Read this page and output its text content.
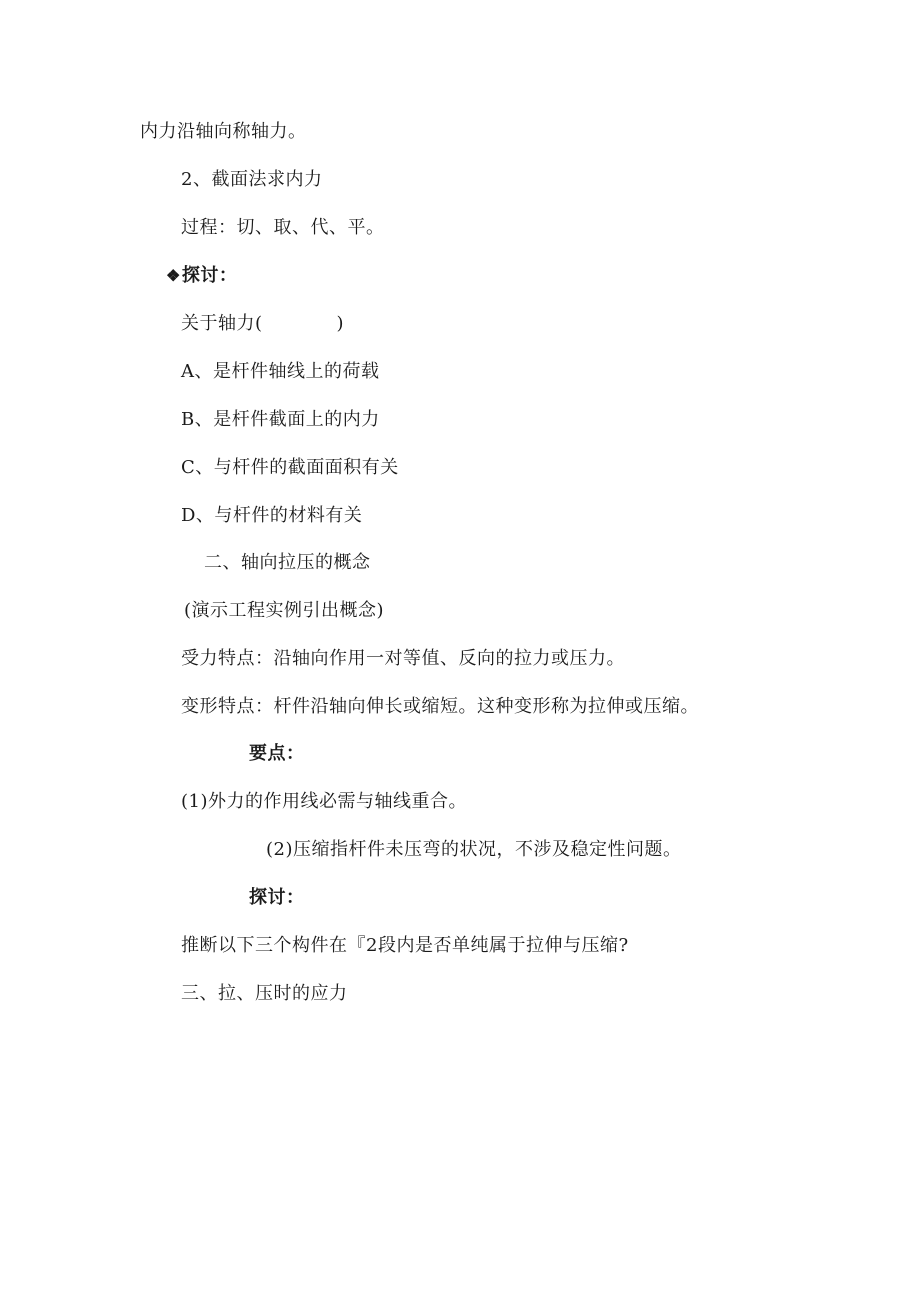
内力沿轴向称轴力。
2、截面法求内力
过程：切、取、代、平。
❖探讨：
关于轴力(　　　　)
A、是杆件轴线上的荷载
B、是杆件截面上的内力
C、与杆件的截面面积有关
D、与杆件的材料有关
二、轴向拉压的概念
(演示工程实例引出概念)
受力特点：沿轴向作用一对等值、反向的拉力或压力。
变形特点：杆件沿轴向伸长或缩短。这种变形称为拉伸或压缩。
要点：
(1)外力的作用线必需与轴线重合。
(2)压缩指杆件未压弯的状况，不涉及稳定性问题。
探讨：
推断以下三个构件在『2段内是否单纯属于拉伸与压缩?
三、拉、压时的应力
